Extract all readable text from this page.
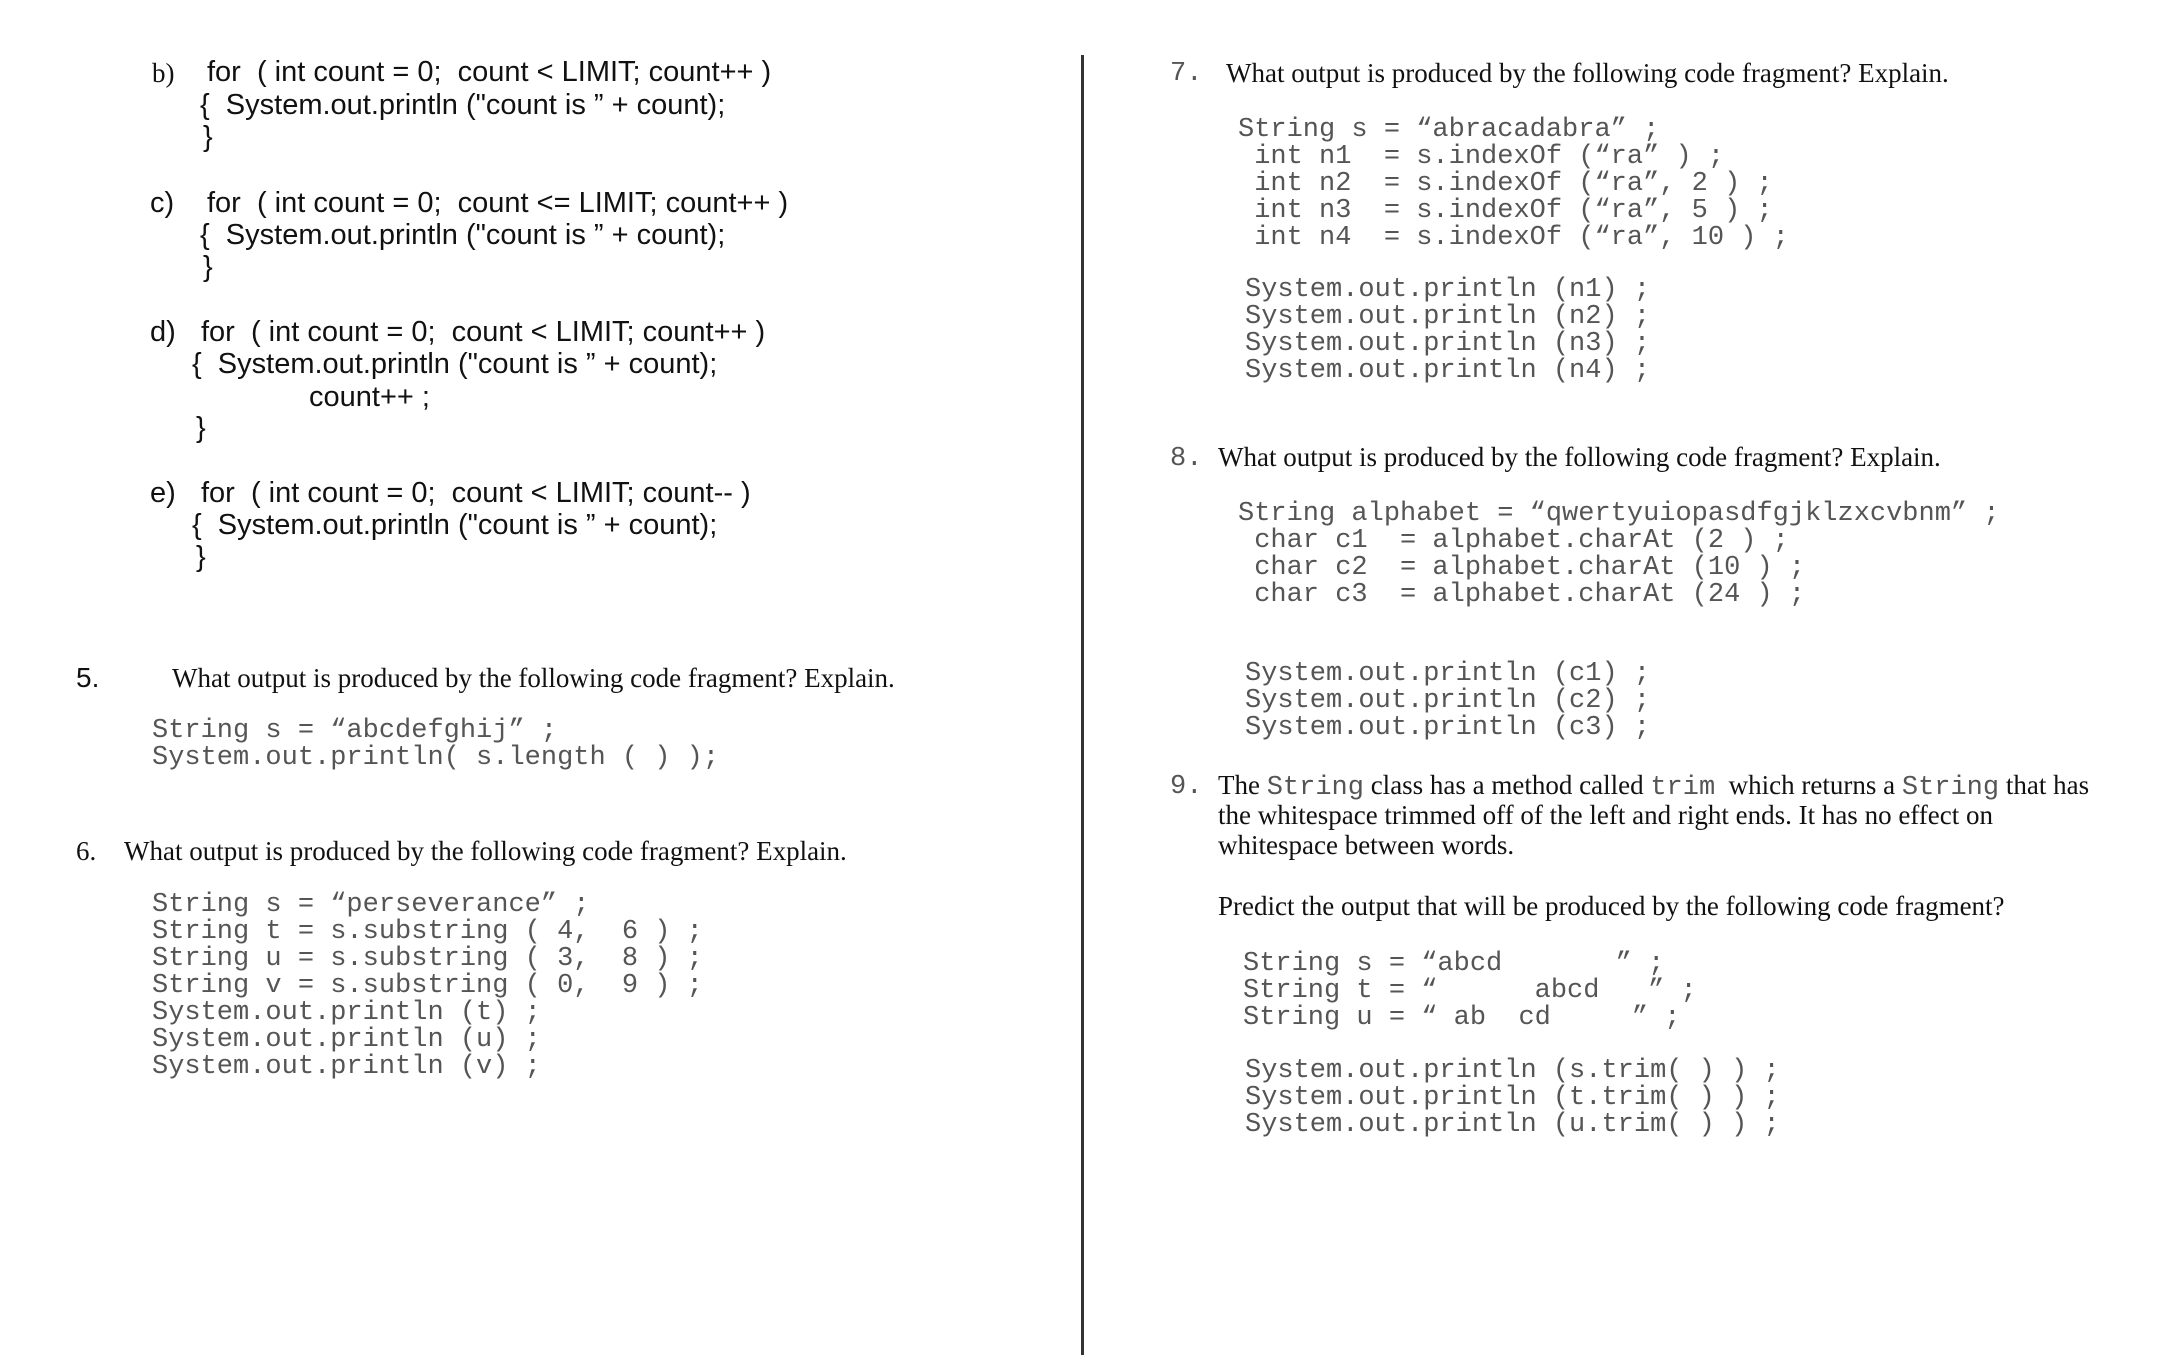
b) for  ( int count = 0;  count < LIMIT; count++ )
{  System.out.println ("count is ” + count);
}
c) for  ( int count = 0;  count <= LIMIT; count++ )
{  System.out.println ("count is ” + count);
}
d) for  ( int count = 0;  count < LIMIT; count++ )
{  System.out.println ("count is ” + count);
count++ ;
}
e) for  ( int count = 0;  count < LIMIT; count-- )
{  System.out.println ("count is ” + count);
}
5.	What output is produced by the following code fragment? Explain.
String s = “abcdefghij” ;
System.out.println( s.length ( ) );
6. What output is produced by the following code fragment? Explain.
String s = “perseverance” ;
String t = s.substring ( 4,  6 ) ;
String u = s.substring ( 3,  8 ) ;
String v = s.substring ( 0,  9 ) ;
System.out.println (t) ;
System.out.println (u) ;
System.out.println (v) ;
7. What output is produced by the following code fragment? Explain.
String s = “abracadabra” ;
int n1  = s.indexOf (“ra” ) ;
int n2  = s.indexOf (“ra”, 2 ) ;
int n3  = s.indexOf (“ra”, 5 ) ;
int n4  = s.indexOf (“ra”, 10 ) ;
System.out.println (n1) ;
System.out.println (n2) ;
System.out.println (n3) ;
System.out.println (n4) ;
8. What output is produced by the following code fragment? Explain.
String alphabet = “qwertyuiopasdfgjklzxcvbnm” ;
char c1  = alphabet.charAt (2 ) ;
char c2  = alphabet.charAt (10 ) ;
char c3  = alphabet.charAt (24 ) ;
System.out.println (c1) ;
System.out.println (c2) ;
System.out.println (c3) ;
9. The String class has a method called trim  which returns a String that has
the whitespace trimmed off of the left and right ends. It has no effect on
whitespace between words.
Predict the output that will be produced by the following code fragment?
String s = “abcd       ” ;
String t = “      abcd   ” ;
String u = “ ab  cd     ” ;
System.out.println (s.trim( ) ) ;
System.out.println (t.trim( ) ) ;
System.out.println (u.trim( ) ) ;
